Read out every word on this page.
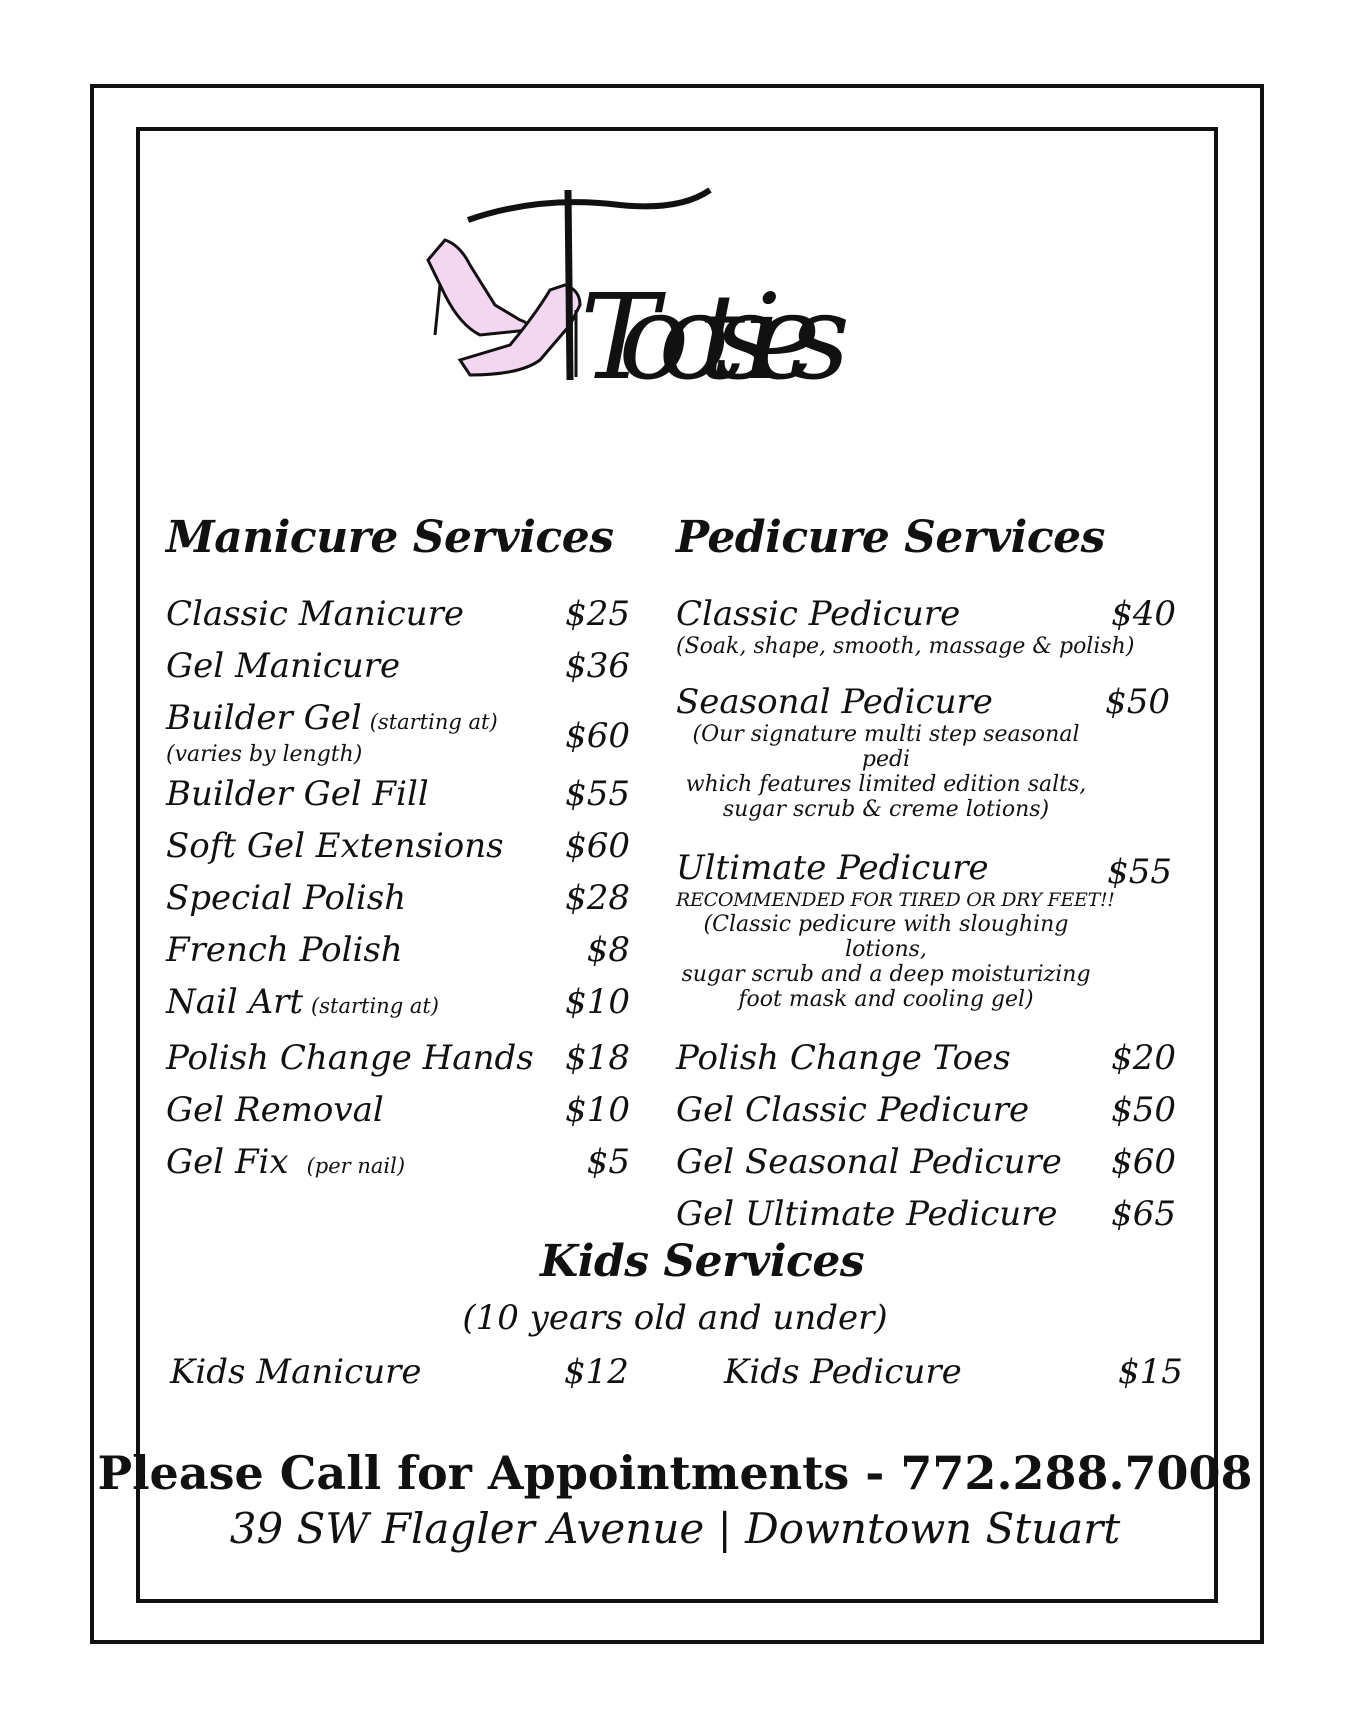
Tootsies
Manicure Services Pedicure Services
Classic Manicure	$25
Gel Manicure	$36
Builder Gel (starting at)
(varies by length)	$60
Builder Gel Fill	$55
Soft Gel Extensions $60
Special Polish	$28
French Polish	$8
Nail Art (starting at)	$10
Polish Change Hands $18
Gel Removal	$10
Gel Fix (per nail)	$5
Classic Pedicure	$40
(Soak, shape, smooth, massage & polish)
Seasonal Pedicure	$50
(Our signature multi step seasonal pedi
which features limited edition salts,
sugar scrub & creme lotions)
Ultimate Pedicure	$55
RECOMMENDED FOR TIRED OR DRY FEET!!
(Classic pedicure with sloughing lotions,
sugar scrub and a deep moisturizing
foot mask and cooling gel)
Polish Change Toes	$20
Gel Classic Pedicure $50
Gel Seasonal Pedicure $60
Gel Ultimate Pedicure $65
Kids Services
(10 years old and under)
Kids Manicure	$12	Kids Pedicure	$15
Please Call for Appointments - 772.288.7008
39 SW Flagler Avenue | Downtown Stuart
